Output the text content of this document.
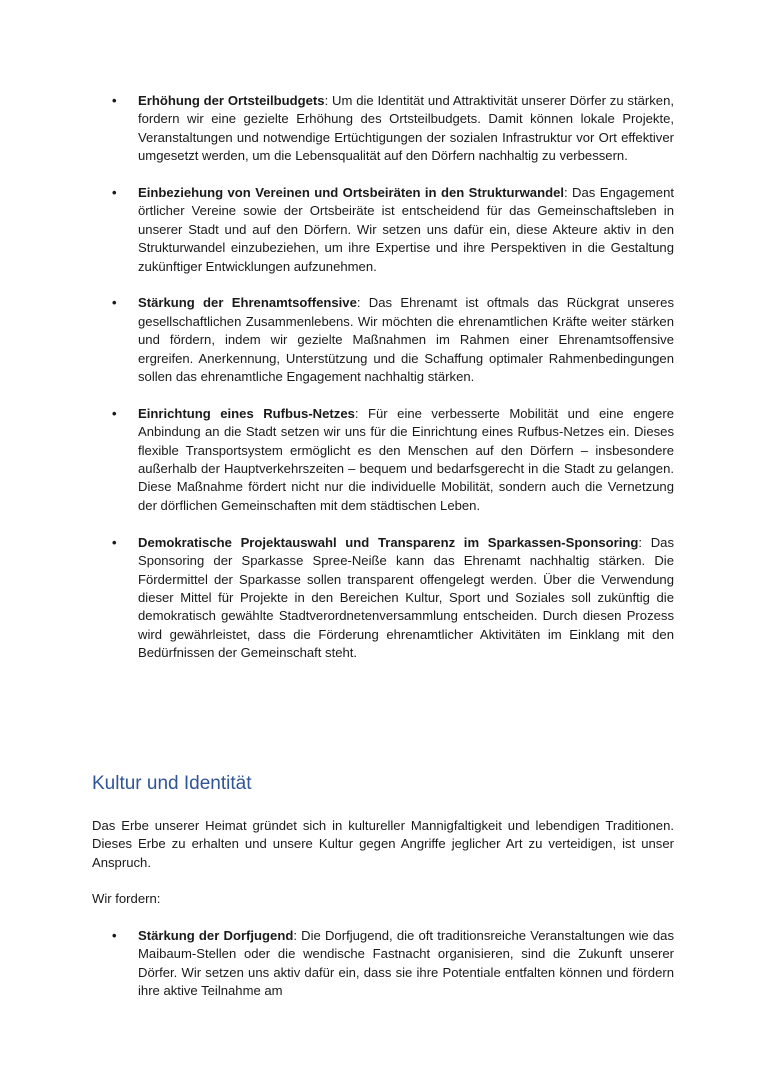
• Erhöhung der Ortsteilbudgets: Um die Identität und Attraktivität unserer Dörfer zu stärken, fordern wir eine gezielte Erhöhung des Ortsteilbudgets. Damit können lokale Projekte, Veranstaltungen und notwendige Ertüchtigungen der sozialen Infrastruktur vor Ort effektiver umgesetzt werden, um die Lebensqualität auf den Dörfern nachhaltig zu verbessern.
• Einbeziehung von Vereinen und Ortsbeiräten in den Strukturwandel: Das Engagement örtlicher Vereine sowie der Ortsbeiräte ist entscheidend für das Gemeinschaftsleben in unserer Stadt und auf den Dörfern. Wir setzen uns dafür ein, diese Akteure aktiv in den Strukturwandel einzubeziehen, um ihre Expertise und ihre Perspektiven in die Gestaltung zukünftiger Entwicklungen aufzunehmen.
• Stärkung der Ehrenamtsoffensive: Das Ehrenamt ist oftmals das Rückgrat unseres gesellschaftlichen Zusammenlebens. Wir möchten die ehrenamtlichen Kräfte weiter stärken und fördern, indem wir gezielte Maßnahmen im Rahmen einer Ehrenamtsoffensive ergreifen. Anerkennung, Unterstützung und die Schaffung optimaler Rahmenbedingungen sollen das ehrenamtliche Engagement nachhaltig stärken.
• Einrichtung eines Rufbus-Netzes: Für eine verbesserte Mobilität und eine engere Anbindung an die Stadt setzen wir uns für die Einrichtung eines Rufbus-Netzes ein. Dieses flexible Transportsystem ermöglicht es den Menschen auf den Dörfern – insbesondere außerhalb der Hauptverkehrszeiten – bequem und bedarfsgerecht in die Stadt zu gelangen. Diese Maßnahme fördert nicht nur die individuelle Mobilität, sondern auch die Vernetzung der dörflichen Gemeinschaften mit dem städtischen Leben.
• Demokratische Projektauswahl und Transparenz im Sparkassen-Sponsoring: Das Sponsoring der Sparkasse Spree-Neiße kann das Ehrenamt nachhaltig stärken. Die Fördermittel der Sparkasse sollen transparent offengelegt werden. Über die Verwendung dieser Mittel für Projekte in den Bereichen Kultur, Sport und Soziales soll zukünftig die demokratisch gewählte Stadtverordnetenversammlung entscheiden. Durch diesen Prozess wird gewährleistet, dass die Förderung ehrenamtlicher Aktivitäten im Einklang mit den Bedürfnissen der Gemeinschaft steht.
Kultur und Identität

Das Erbe unserer Heimat gründet sich in kultureller Mannigfaltigkeit und lebendigen Traditionen. Dieses Erbe zu erhalten und unsere Kultur gegen Angriffe jeglicher Art zu verteidigen, ist unser Anspruch.

Wir fordern:

• Stärkung der Dorfjugend: Die Dorfjugend, die oft traditionsreiche Veranstaltungen wie das Maibaum-Stellen oder die wendische Fastnacht organisieren, sind die Zukunft unserer Dörfer. Wir setzen uns aktiv dafür ein, dass sie ihre Potentiale entfalten können und fördern ihre aktive Teilnahme am
